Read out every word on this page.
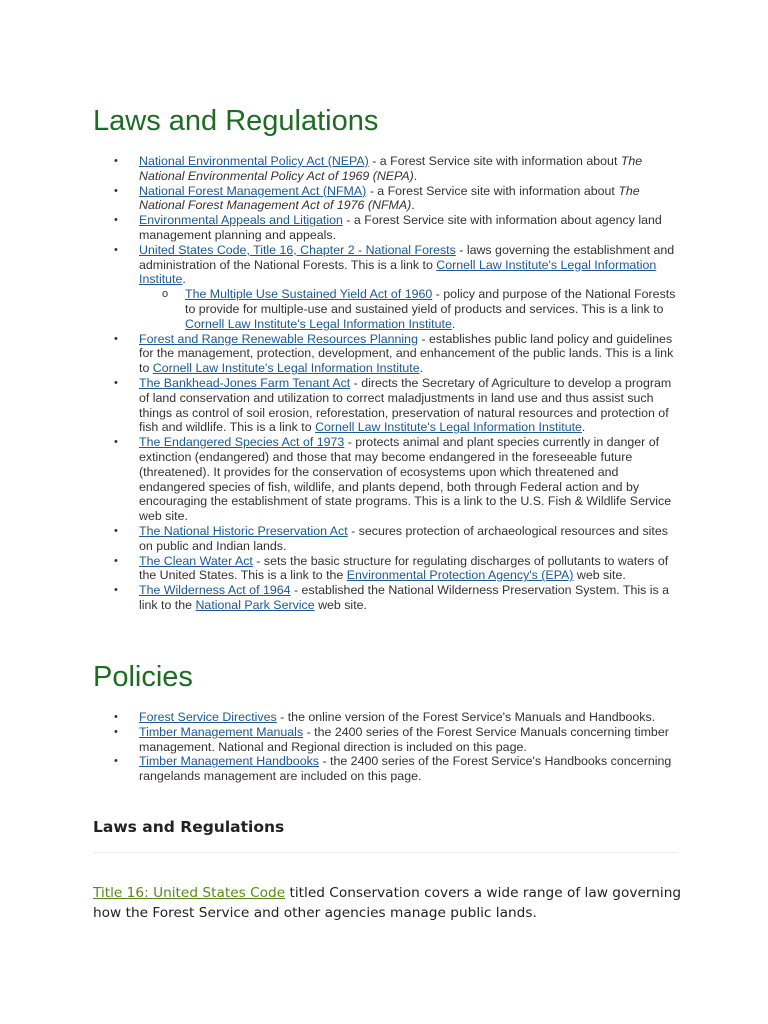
Laws and Regulations
• National Environmental Policy Act (NEPA) - a Forest Service site with information about The National Environmental Policy Act of 1969 (NEPA).
• National Forest Management Act (NFMA) - a Forest Service site with information about The National Forest Management Act of 1976 (NFMA).
• Environmental Appeals and Litigation - a Forest Service site with information about agency land management planning and appeals.
• United States Code, Title 16, Chapter 2 - National Forests - laws governing the establishment and administration of the National Forests. This is a link to Cornell Law Institute's Legal Information Institute.
o The Multiple Use Sustained Yield Act of 1960 - policy and purpose of the National Forests to provide for multiple-use and sustained yield of products and services. This is a link to Cornell Law Institute's Legal Information Institute.
• Forest and Range Renewable Resources Planning - establishes public land policy and guidelines for the management, protection, development, and enhancement of the public lands. This is a link to Cornell Law Institute's Legal Information Institute.
• The Bankhead-Jones Farm Tenant Act - directs the Secretary of Agriculture to develop a program of land conservation and utilization to correct maladjustments in land use and thus assist such things as control of soil erosion, reforestation, preservation of natural resources and protection of fish and wildlife. This is a link to Cornell Law Institute's Legal Information Institute.
• The Endangered Species Act of 1973 - protects animal and plant species currently in danger of extinction (endangered) and those that may become endangered in the foreseeable future (threatened). It provides for the conservation of ecosystems upon which threatened and endangered species of fish, wildlife, and plants depend, both through Federal action and by encouraging the establishment of state programs. This is a link to the U.S. Fish & Wildlife Service web site.
• The National Historic Preservation Act - secures protection of archaeological resources and sites on public and Indian lands.
• The Clean Water Act - sets the basic structure for regulating discharges of pollutants to waters of the United States. This is a link to the Environmental Protection Agency's (EPA) web site.
• The Wilderness Act of 1964 - established the National Wilderness Preservation System. This is a link to the National Park Service web site.
Policies
• Forest Service Directives - the online version of the Forest Service's Manuals and Handbooks.
• Timber Management Manuals - the 2400 series of the Forest Service Manuals concerning timber management. National and Regional direction is included on this page.
• Timber Management Handbooks - the 2400 series of the Forest Service's Handbooks concerning rangelands management are included on this page.
Laws and Regulations

Title 16: United States Code titled Conservation covers a wide range of law governing how the Forest Service and other agencies manage public lands.
